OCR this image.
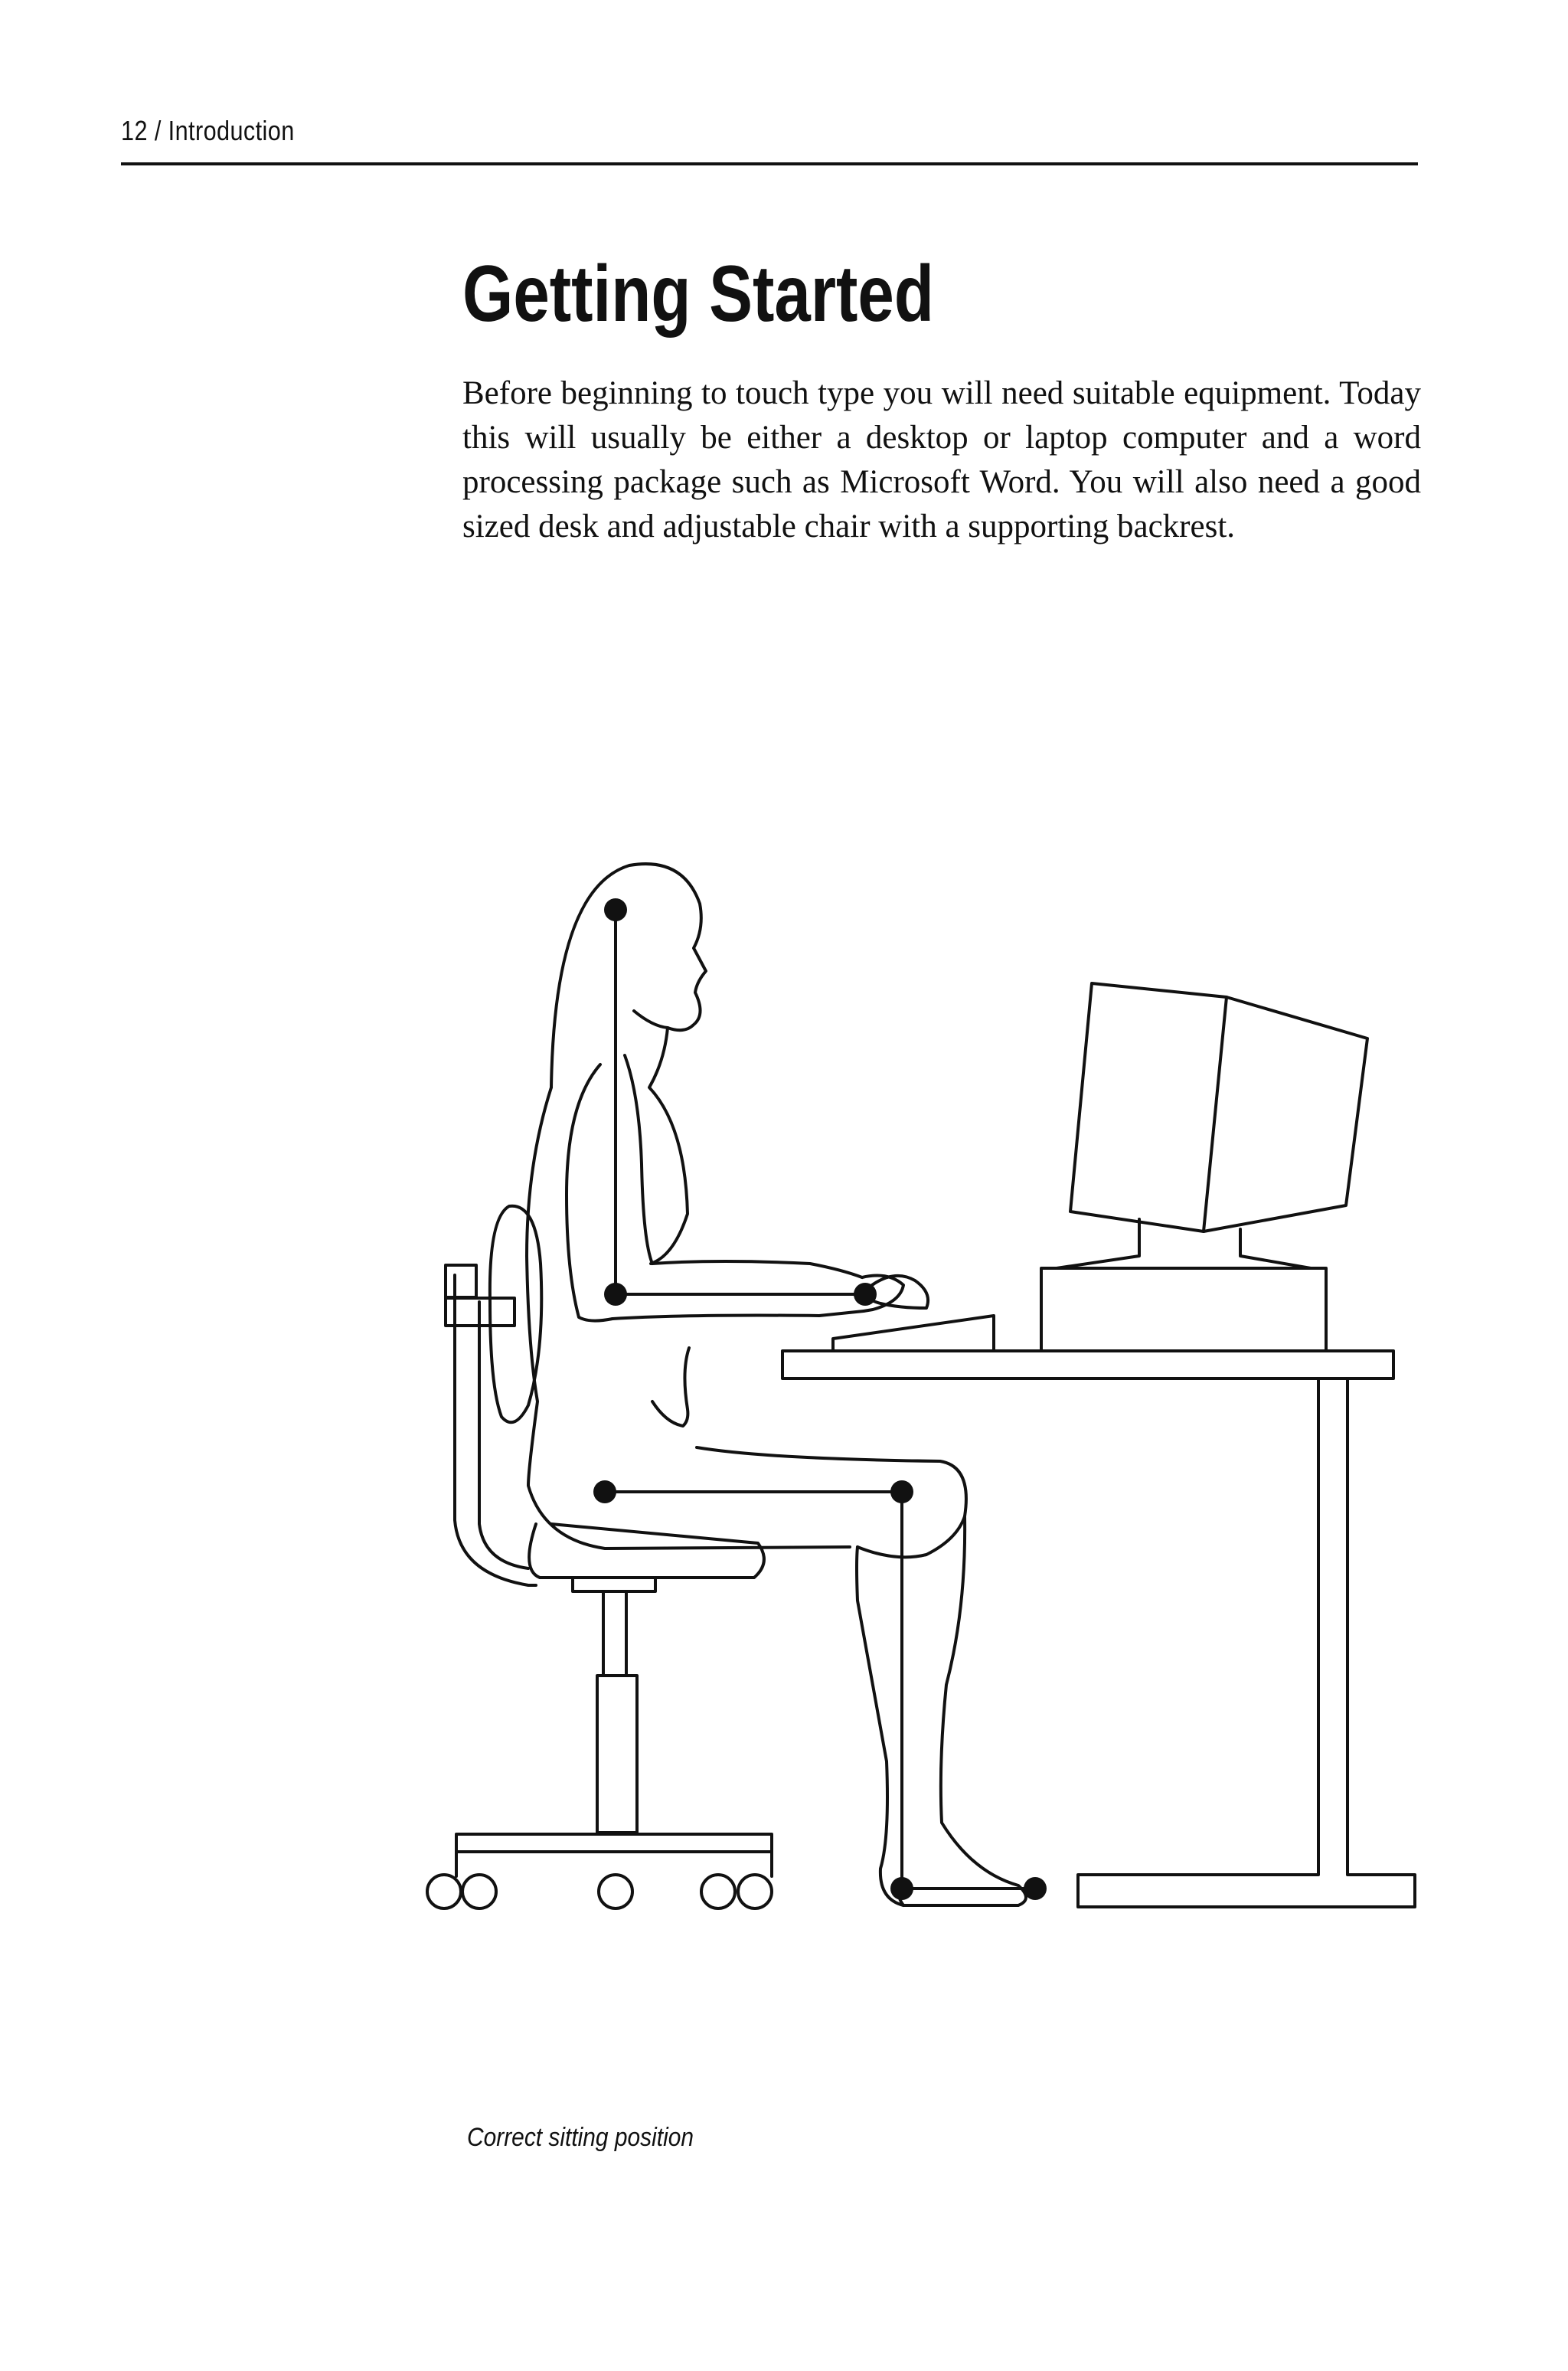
12 / Introduction
Getting Started

Before beginning to touch type you will need suitable equipment. Today this will usually be either a desktop or laptop computer and a word processing package such as Microsoft Word. You will also need a good sized desk and adjustable chair with a supporting backrest.

Correct sitting position
